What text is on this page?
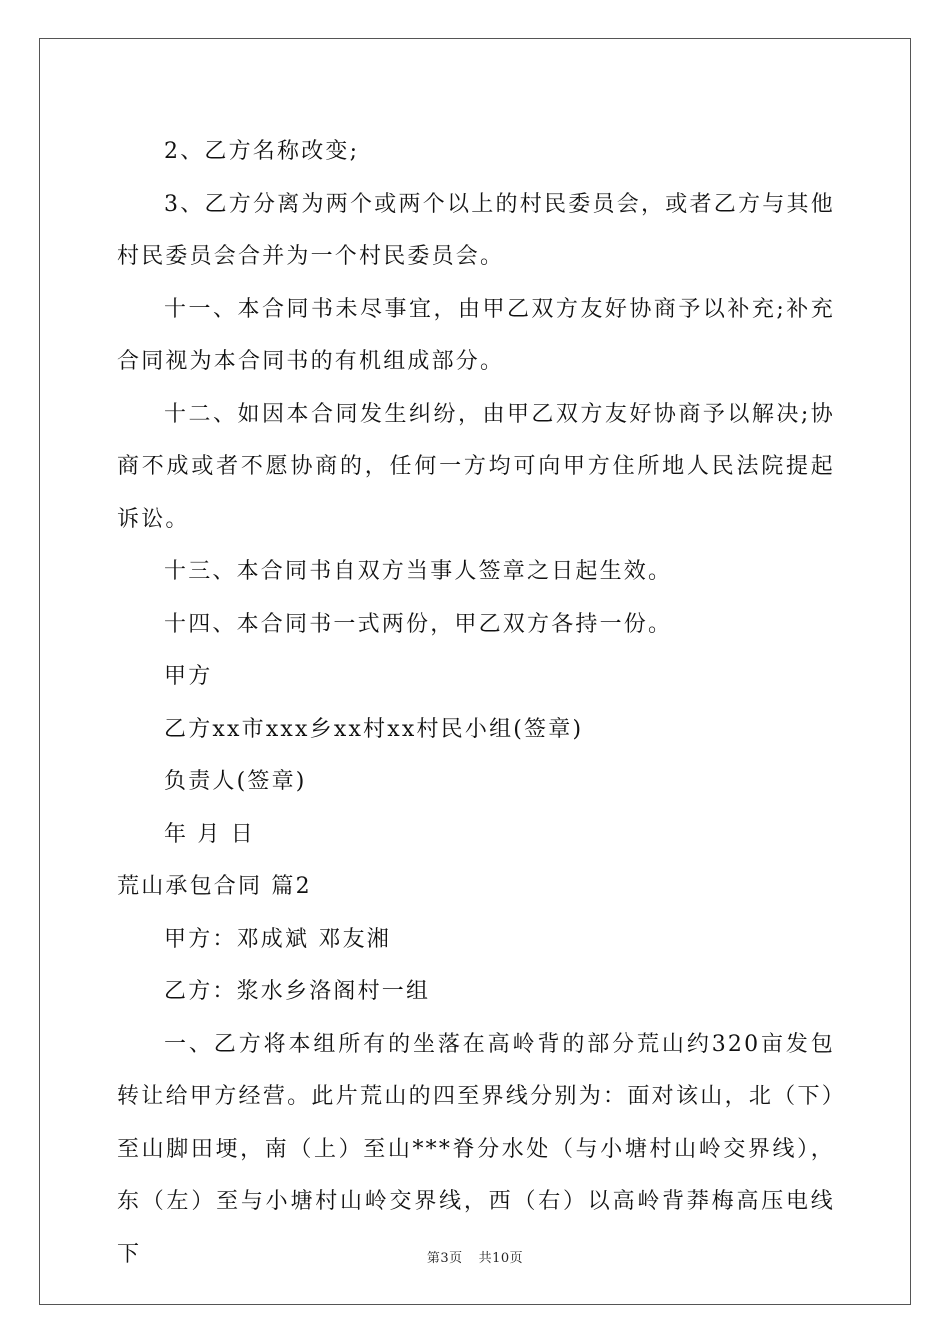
2、乙方名称改变;

3、乙方分离为两个或两个以上的村民委员会，或者乙方与其他村民委员会合并为一个村民委员会。

十一、本合同书未尽事宜，由甲乙双方友好协商予以补充;补充合同视为本合同书的有机组成部分。

十二、如因本合同发生纠纷，由甲乙双方友好协商予以解决;协商不成或者不愿协商的，任何一方均可向甲方住所地人民法院提起诉讼。

十三、本合同书自双方当事人签章之日起生效。

十四、本合同书一式两份，甲乙双方各持一份。

甲方

乙方xx市xxx乡xx村xx村民小组(签章)

负责人(签章)

年 月 日

荒山承包合同 篇2

甲方：邓成斌 邓友湘

乙方：浆水乡洛阁村一组

一、乙方将本组所有的坐落在高岭背的部分荒山约320亩发包转让给甲方经营。此片荒山的四至界线分别为：面对该山，北（下）至山脚田埂，南（上）至山***脊分水处（与小塘村山岭交界线），东（左）至与小塘村山岭交界线，西（右）以高岭背莽梅高压电线下	第3页 共10页
